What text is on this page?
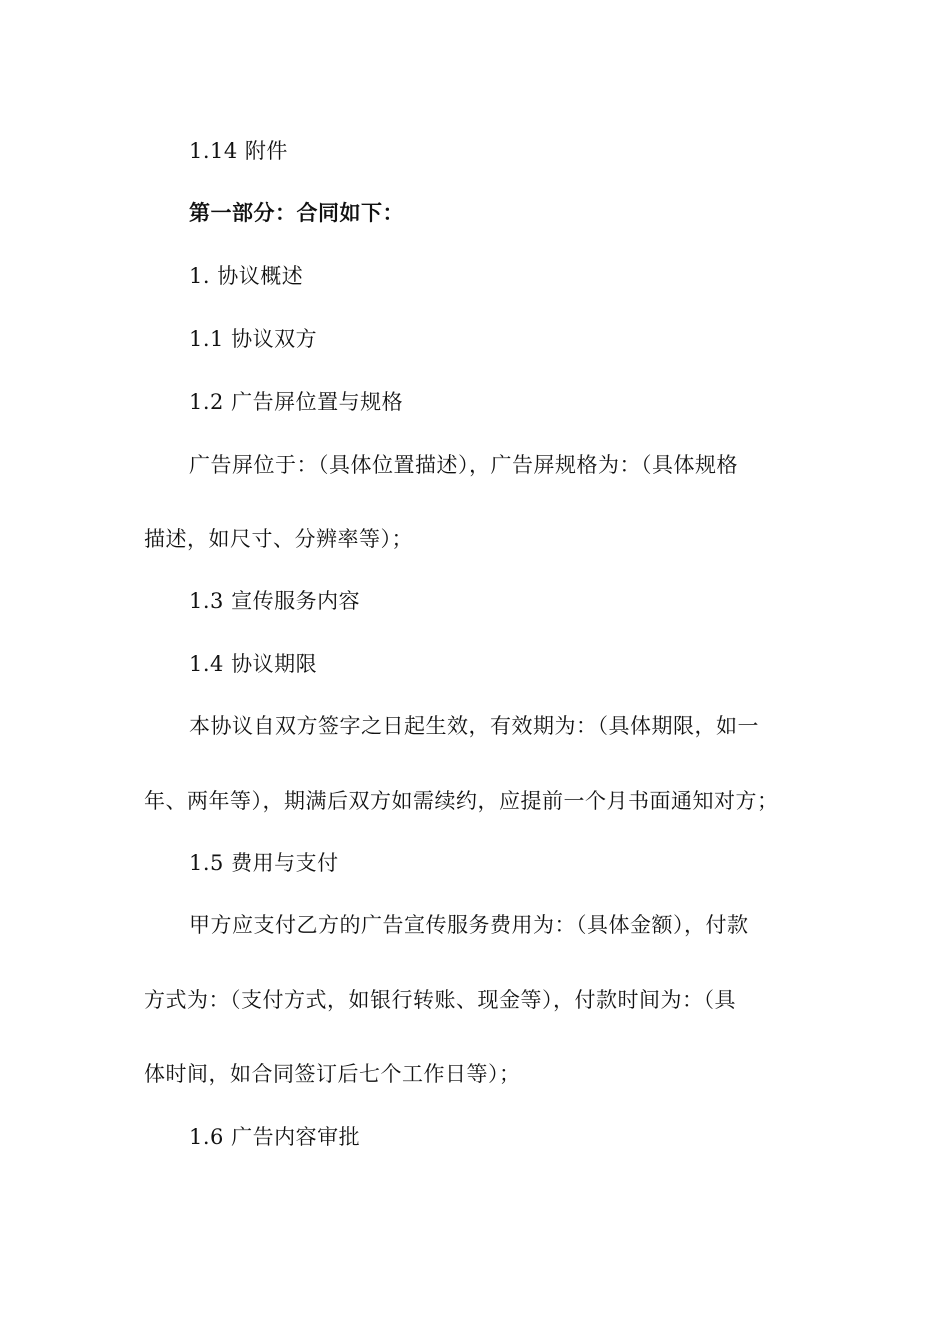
1.14 附件
第一部分：合同如下：
1. 协议概述
1.1 协议双方
1.2 广告屏位置与规格
广告屏位于：（具体位置描述），广告屏规格为：（具体规格
描述，如尺寸、分辨率等）；
1.3 宣传服务内容
1.4 协议期限
本协议自双方签字之日起生效，有效期为：（具体期限，如一
年、两年等），期满后双方如需续约，应提前一个月书面通知对方；
1.5 费用与支付
甲方应支付乙方的广告宣传服务费用为：（具体金额），付款
方式为：（支付方式，如银行转账、现金等），付款时间为：（具
体时间，如合同签订后七个工作日等）；
1.6 广告内容审批
